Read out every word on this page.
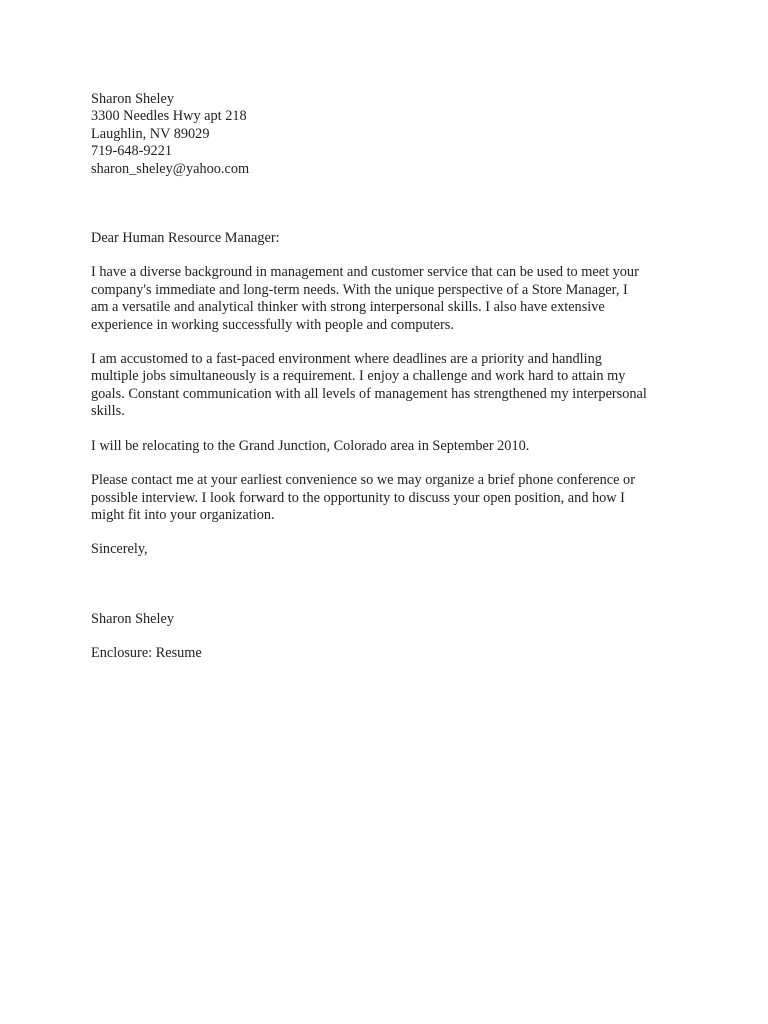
Sharon Sheley
3300 Needles Hwy apt 218
Laughlin, NV 89029
719-648-9221
sharon_sheley@yahoo.com
Dear Human Resource Manager:
I have a diverse background in management and customer service that can be used to meet your
company's immediate and long-term needs. With the unique perspective of a Store Manager, I
am a versatile and analytical thinker with strong interpersonal skills. I also have extensive
experience in working successfully with people and computers.
I am accustomed to a fast-paced environment where deadlines are a priority and handling
multiple jobs simultaneously is a requirement. I enjoy a challenge and work hard to attain my
goals. Constant communication with all levels of management has strengthened my interpersonal
skills.
I will be relocating to the Grand Junction, Colorado area in September 2010.
Please contact me at your earliest convenience so we may organize a brief phone conference or
possible interview. I look forward to the opportunity to discuss your open position, and how I
might fit into your organization.
Sincerely,
Sharon Sheley
Enclosure: Resume
